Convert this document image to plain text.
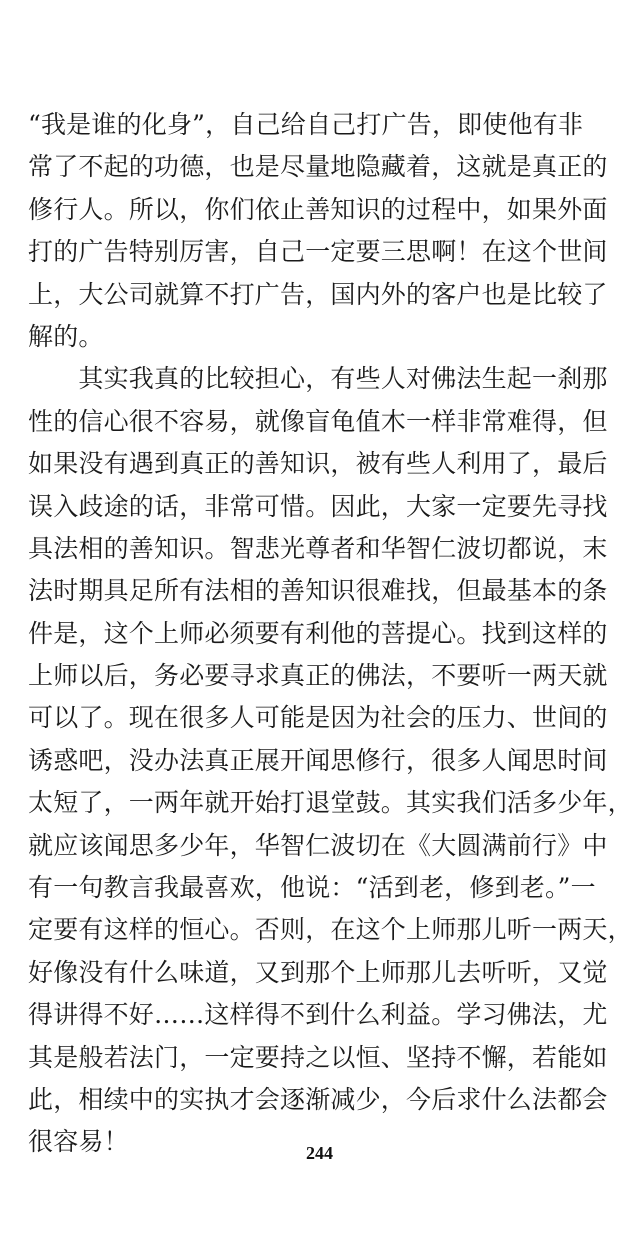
“我是谁的化身”，自己给自己打广告，即使他有非
常了不起的功德，也是尽量地隐藏着，这就是真正的
修行人。所以，你们依止善知识的过程中，如果外面
打的广告特别厉害，自己一定要三思啊！在这个世间
上，大公司就算不打广告，国内外的客户也是比较了
解的。
　　其实我真的比较担心，有些人对佛法生起一刹那
性的信心很不容易，就像盲龟值木一样非常难得，但
如果没有遇到真正的善知识，被有些人利用了，最后
误入歧途的话，非常可惜。因此，大家一定要先寻找
具法相的善知识。智悲光尊者和华智仁波切都说，末
法时期具足所有法相的善知识很难找，但最基本的条
件是，这个上师必须要有利他的菩提心。找到这样的
上师以后，务必要寻求真正的佛法，不要听一两天就
可以了。现在很多人可能是因为社会的压力、世间的
诱惑吧，没办法真正展开闻思修行，很多人闻思时间
太短了，一两年就开始打退堂鼓。其实我们活多少年，
就应该闻思多少年，华智仁波切在《大圆满前行》中
有一句教言我最喜欢，他说：“活到老，修到老。”一
定要有这样的恒心。否则，在这个上师那儿听一两天，
好像没有什么味道，又到那个上师那儿去听听，又觉
得讲得不好……这样得不到什么利益。学习佛法，尤
其是般若法门，一定要持之以恒、坚持不懈，若能如
此，相续中的实执才会逐渐减少，今后求什么法都会
很容易！	244
